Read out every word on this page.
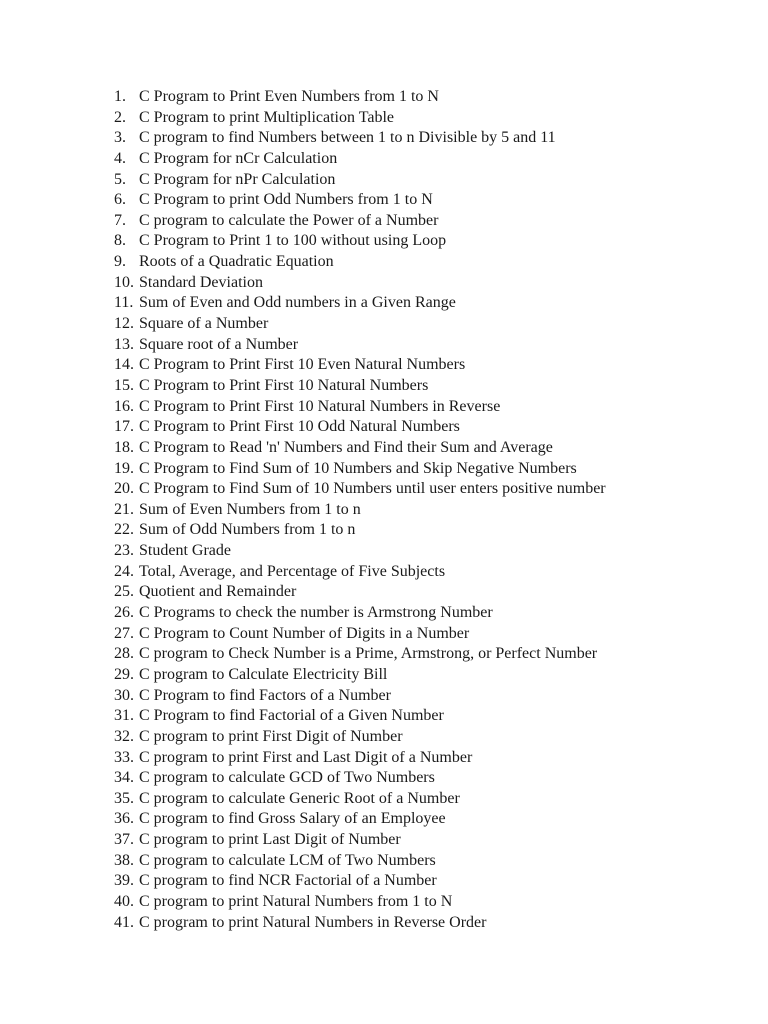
1. C Program to Print Even Numbers from 1 to N
2. C Program to print Multiplication Table
3. C program to find Numbers between 1 to n Divisible by 5 and 11
4. C Program for nCr Calculation
5. C Program for nPr Calculation
6. C Program to print Odd Numbers from 1 to N
7. C program to calculate the Power of a Number
8. C Program to Print 1 to 100 without using Loop
9. Roots of a Quadratic Equation
10. Standard Deviation
11. Sum of Even and Odd numbers in a Given Range
12. Square of a Number
13. Square root of a Number
14. C Program to Print First 10 Even Natural Numbers
15. C Program to Print First 10 Natural Numbers
16. C Program to Print First 10 Natural Numbers in Reverse
17. C Program to Print First 10 Odd Natural Numbers
18. C Program to Read 'n' Numbers and Find their Sum and Average
19. C Program to Find Sum of 10 Numbers and Skip Negative Numbers
20. C Program to Find Sum of 10 Numbers until user enters positive number
21. Sum of Even Numbers from 1 to n
22. Sum of Odd Numbers from 1 to n
23. Student Grade
24. Total, Average, and Percentage of Five Subjects
25. Quotient and Remainder
26. C Programs to check the number is Armstrong Number
27. C Program to Count Number of Digits in a Number
28. C program to Check Number is a Prime, Armstrong, or Perfect Number
29. C program to Calculate Electricity Bill
30. C Program to find Factors of a Number
31. C Program to find Factorial of a Given Number
32. C program to print First Digit of Number
33. C program to print First and Last Digit of a Number
34. C program to calculate GCD of Two Numbers
35. C program to calculate Generic Root of a Number
36. C program to find Gross Salary of an Employee
37. C program to print Last Digit of Number
38. C program to calculate LCM of Two Numbers
39. C program to find NCR Factorial of a Number
40. C program to print Natural Numbers from 1 to N
41. C program to print Natural Numbers in Reverse Order
